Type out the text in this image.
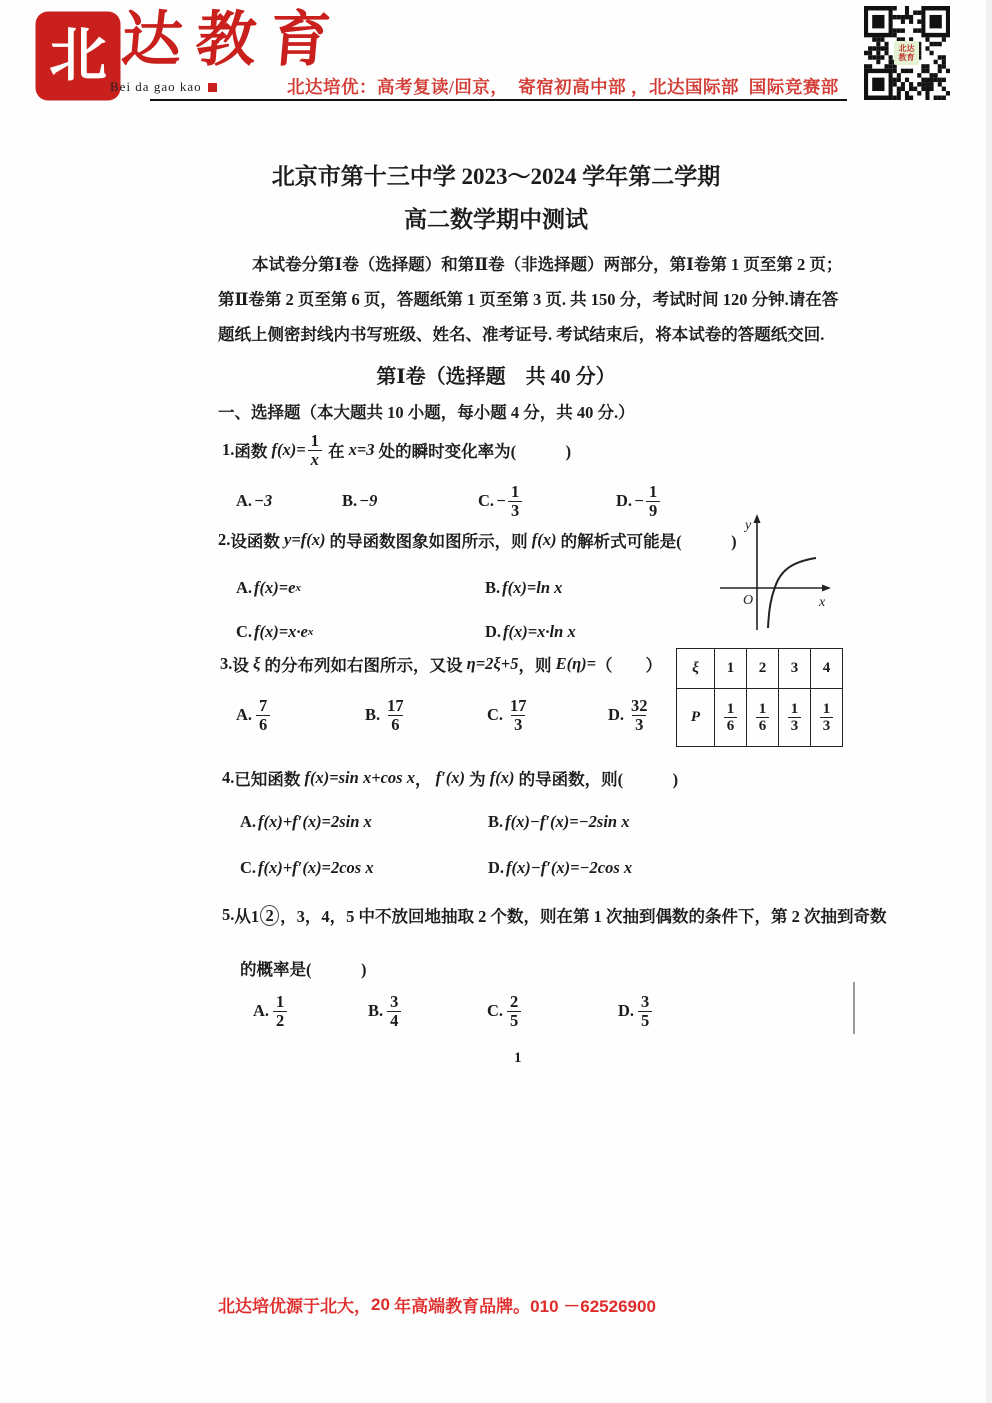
北 达教育
Bei da gao kao	北达培优：高考复读/回京，  寄宿初高中部 ，北达国际部  国际竞赛部
北达
教育
北京市第十三中学 2023～2024 学年第二学期
高二数学期中测试
本试卷分第Ⅰ卷（选择题）和第Ⅱ卷（非选择题）两部分，第Ⅰ卷第 1 页至第 2 页；
第Ⅱ卷第 2 页至第 6 页，答题纸第 1 页至第 3 页. 共 150 分，考试时间 120 分钟.请在答
题纸上侧密封线内书写班级、姓名、准考证号. 考试结束后，将本试卷的答题纸交回.
第Ⅰ卷（选择题　共 40 分）
一、选择题（本大题共 10 小题，每小题 4 分，共 40 分.）
1. 函数 $f(x)= \frac{1}{x}$ 在 x=3 处的瞬时变化率为(　　　)
A. −3	B. −9	C. − $\frac{1}{3}$	D. − $\frac{1}{9}$
2. 设函数 y=f(x) 的导函数图象如图所示，则 f(x) 的解析式可能是(　　　)
y
x
O
A. f(x)=e x	B. f(x)=ln x
C. f(x)=x·e x	D. f(x)=x·ln x
3. 设 ξ 的分布列如右图所示，又设 η=2ξ+5 ，则 E(η)= （　　） ξ	1	2	3	4
P	$\frac{1}{6}$	$\frac{1}{6}$	$\frac{1}{3}$	$\frac{1}{3}$
A. $\frac{7}{6}$	B. $\frac{17}{6}$	C. $\frac{17}{3}$	D. $\frac{32}{3}$
4. 已知函数 f(x)=sin x+cos x ， f′(x) 为 f(x) 的导函数，则(　　　)
A. f(x)+f′(x)=2sin x	B. f(x)−f′(x)=−2sin x
C. f(x)+f′(x)=2cos x	D. f(x)−f′(x)=−2cos x
5. 从1 2 ，3，4，5 中不放回地抽取 2 个数，则在第 1 次抽到偶数的条件下，第 2 次抽到奇数
的概率是(　　　)
A. $\frac{1}{2}$	B. $\frac{3}{4}$	C. $\frac{2}{5}$	D. $\frac{3}{5}$
1
北达培优源于北大， 20 年高端教育品牌。 010 －62526900
